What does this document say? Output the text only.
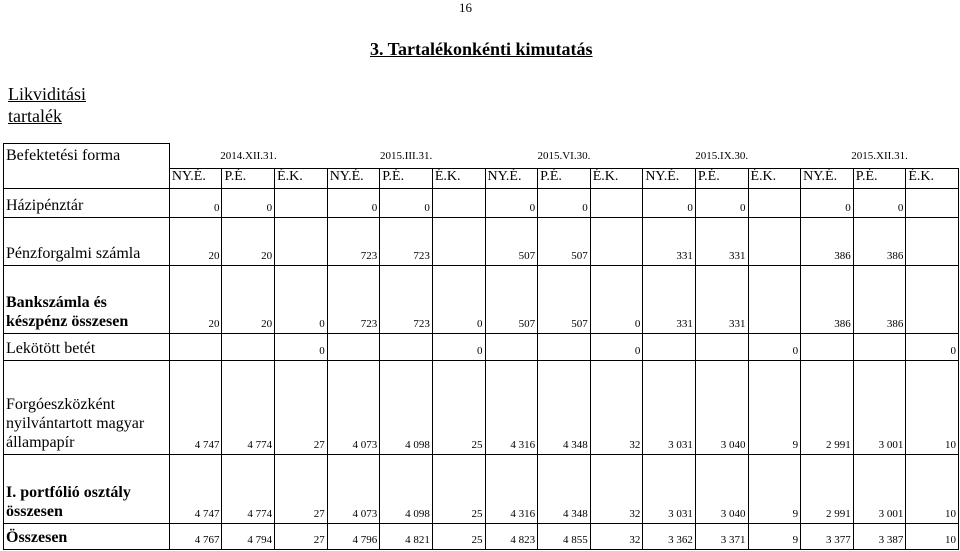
16
3. Tartalékonkénti kimutatás
Likviditási tartalék
Befektetési forma	2014.XII.31.			2015.III.31.			2015.VI.30.			2015.IX.30.			2015.XII.31.		
	NY.É.	P.É.	É.K.	NY.É.	P.É.	É.K.	NY.É.	P.É.	É.K.	NY.É.	P.É.	É.K.	NY.É.	P.É.	É.K.
Házipénztár	0	0		0	0		0	0		0	0		0	0	
Pénzforgalmi számla	20	20		723	723		507	507		331	331		386	386	
Bankszámla és készpénz összesen	20	20	0	723	723	0	507	507	0	331	331		386	386	
Lekötött betét			0			0			0			0			0
Forgóeszközként nyilvántartott magyar állampapír	4 747	4 774	27	4 073	4 098	25	4 316	4 348	32	3 031	3 040	9	2 991	3 001	10
I. portfólió osztály összesen	4 747	4 774	27	4 073	4 098	25	4 316	4 348	32	3 031	3 040	9	2 991	3 001	10
Összesen	4 767	4 794	27	4 796	4 821	25	4 823	4 855	32	3 362	3 371	9	3 377	3 387	10
